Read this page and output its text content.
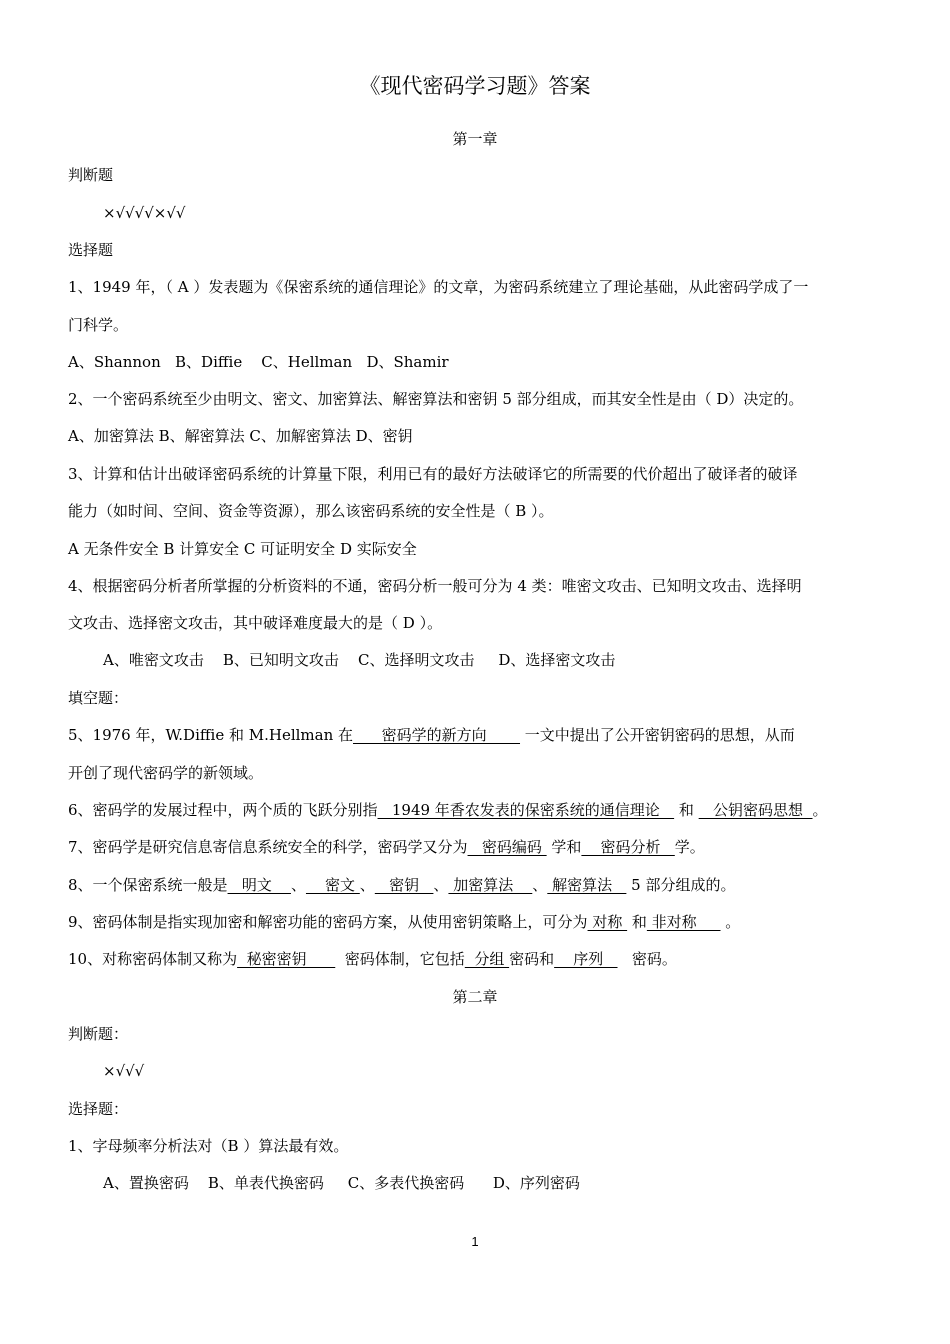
《现代密码学习题》答案
第一章
判断题
×√√√√×√√
选择题
1、1949 年，（ A ）发表题为《保密系统的通信理论》的文章，为密码系统建立了理论基础，从此密码学成了一
门科学。
A、Shannon   B、Diffie    C、Hellman   D、Shamir
2、一个密码系统至少由明文、密文、加密算法、解密算法和密钥 5 部分组成，而其安全性是由（ D）决定的。
A、加密算法 B、解密算法 C、加解密算法 D、密钥
3、计算和估计出破译密码系统的计算量下限，利用已有的最好方法破译它的所需要的代价超出了破译者的破译
能力（如时间、空间、资金等资源），那么该密码系统的安全性是（ B ）。
A 无条件安全 B 计算安全 C 可证明安全 D 实际安全
4、根据密码分析者所掌握的分析资料的不通，密码分析一般可分为 4 类：唯密文攻击、已知明文攻击、选择明
文攻击、选择密文攻击，其中破译难度最大的是（ D ）。
A、唯密文攻击    B、已知明文攻击    C、选择明文攻击     D、选择密文攻击
填空题：
5、1976 年，W.Diffie 和 M.Hellman 在      密码学的新方向        一文中提出了公开密钥密码的思想，从而
开创了现代密码学的新领域。
6、密码学的发展过程中，两个质的飞跃分别指   1949 年香农发表的保密系统的通信理论    和    公钥密码思想  。
7、密码学是研究信息寄信息系统安全的科学，密码学又分为   密码编码  学和    密码分析   学。
8、一个保密系统一般是   明文    、    密文 、   密钥   、 加密算法    、 解密算法    5 部分组成的。
9、密码体制是指实现加密和解密功能的密码方案，从使用密钥策略上，可分为 对称  和 非对称      。
10、对称密码体制又称为  秘密密钥        密码体制，它包括  分组 密码和    序列      密码。
第二章
判断题：
×√√√
选择题：
1、字母频率分析法对（B ）算法最有效。
A、置换密码    B、单表代换密码     C、多表代换密码      D、序列密码
1
